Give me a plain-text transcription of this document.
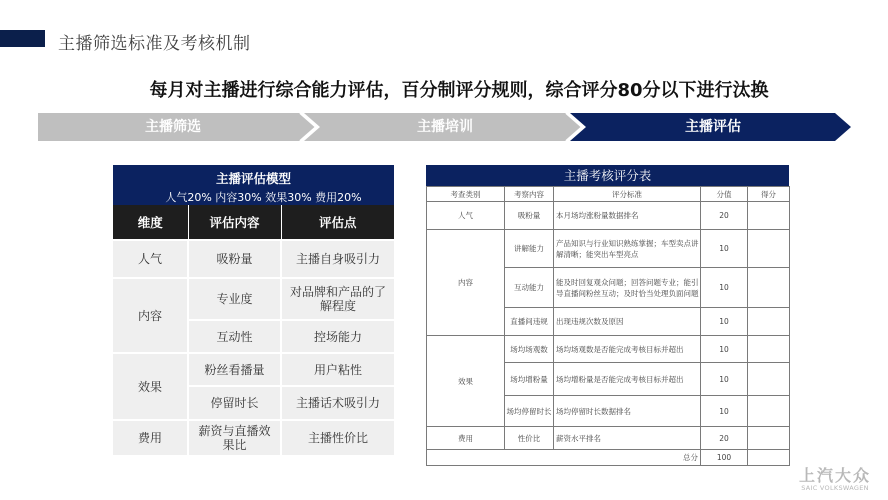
主播筛选标准及考核机制
每月对主播进行综合能力评估，百分制评分规则，综合评分80分以下进行汰换
主播筛选	主播培训	主播评估
主播评估模型
人气20% 内容30% 效果30% 费用20%
维度	评估内容	评估点
人气	吸粉量	主播自身吸引力
内容	专业度	对品牌和产品的了解程度
	互动性	控场能力
效果	粉丝看播量	用户粘性
	停留时长	主播话术吸引力
费用	薪资与直播效果比	主播性价比
主播考核评分表
考查类别	考察内容	评分标准	分值	得分
人气	吸粉量	本月场均涨粉量数据排名	20	
内容	讲解能力	产品知识与行业知识熟练掌握；车型卖点讲解清晰；能突出车型亮点	10	
	互动能力	能及时回复观众问题；回答问题专业；能引导直播间粉丝互动；及时恰当处理负面问题	10	
	直播间违规	出现违规次数及原因	10	
效果	场均场观数	场均场观数是否能完成考核目标并超出	10	
	场均增粉量	场均增粉量是否能完成考核目标并超出	10	
	场均停留时长	场均停留时长数据排名	10	
费用	性价比	薪资水平排名	20	
总分			100	
上汽大众
SAIC VOLKSWAGEN
